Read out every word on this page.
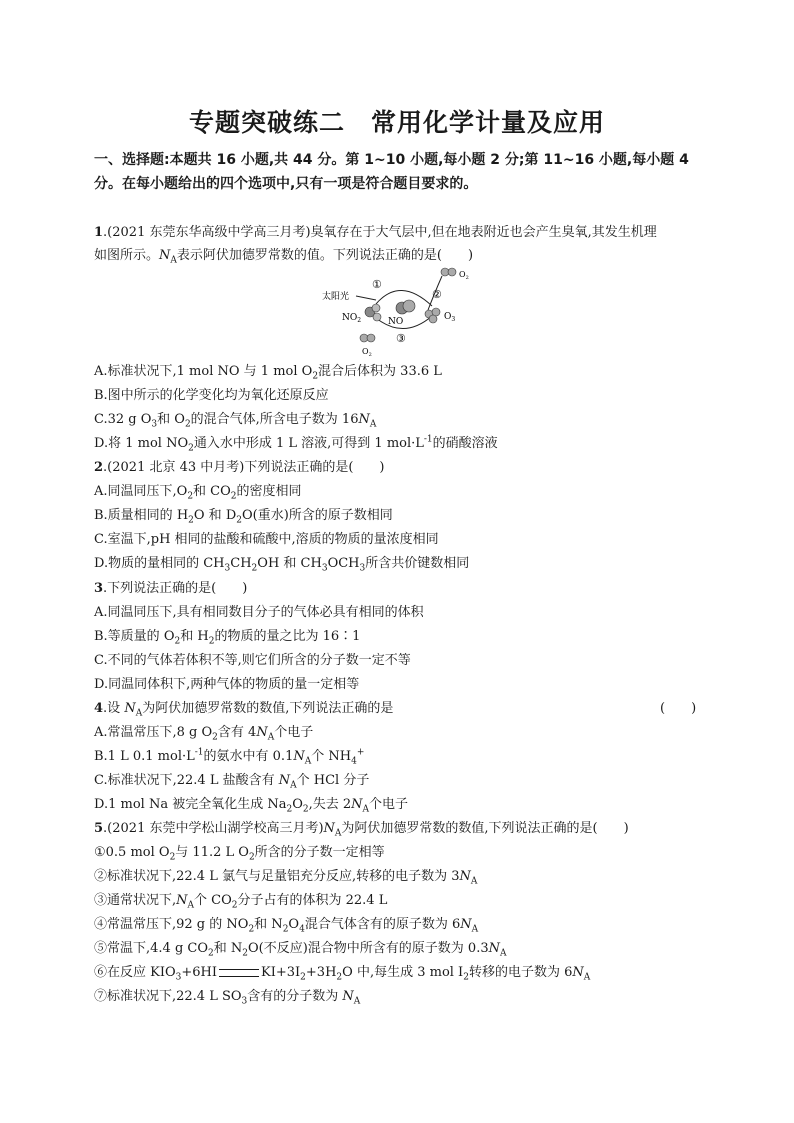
专题突破练二 常用化学计量及应用
一、选择题:本题共 16 小题,共 44 分。第 1~10 小题,每小题 2 分;第 11~16 小题,每小题 4 分。在每小题给出的四个选项中,只有一项是符合题目要求的。
1.(2021 东莞东华高级中学高三月考)臭氧存在于大气层中,但在地表附近也会产生臭氧,其发生机理
如图所示。$N_A$表示阿伏加德罗常数的值。下列说法正确的是(　　)
太阳光
①
②
③
$NO_2$	NO	$O_3$
$O_2$
$O_2$
A.标准状况下,1 mol NO 与 1 mol $O_2$混合后体积为 33.6 L
B.图中所示的化学变化均为氧化还原反应
C.32 g $O_3$和 $O_2$的混合气体,所含电子数为 $16N_A$
D.将 1 mol $NO_2$通入水中形成 1 L 溶液,可得到 1 $mol\cdot L^{-1}$的硝酸溶液
2.(2021 北京 43 中月考)下列说法正确的是(　　)
A.同温同压下$,O_2$和 $CO_2$的密度相同
B.质量相同的 $H_2O$ 和 $D_2O$(重水)所含的原子数相同
C.室温下,pH 相同的盐酸和硫酸中,溶质的物质的量浓度相同
D.物质的量相同的 $CH_3CH_2OH$ 和 $CH_3OCH_3$所含共价键数相同
3.下列说法正确的是(　　)
A.同温同压下,具有相同数目分子的气体必具有相同的体积
B.等质量的 $O_2$和 $H_2$的物质的量之比为 16∶1
C.不同的气体若体积不等,则它们所含的分子数一定不等
D.同温同体积下,两种气体的物质的量一定相等
4.设 $N_A$为阿伏加德罗常数的数值,下列说法正确的是	(　　)
A.常温常压下,8 g $O_2$含有 $4N_A$个电子
B.1 L 0.1 $mol\cdot L^{-1}$的氨水中有 $0.1N_A$个 $NH_4^+$
C.标准状况下,22.4 L 盐酸含有 $N_A$个 HCl 分子
D.1 mol Na 被完全氧化生成 $Na_2O_2$,失去 $2N_A$个电子
5.(2021 东莞中学松山湖学校高三月考)$N_A$为阿伏加德罗常数的数值,下列说法正确的是(　　)
①0.5 mol $O_2$与 11.2 L $O_2$所含的分子数一定相等
②标准状况下,22.4 L 氯气与足量铝充分反应,转移的电子数为 $3N_A$
③通常状况下$,N_A$个 $CO_2$分子占有的体积为 22.4 L
④常温常压下,92 g 的 $NO_2$和 $N_2O_4$混合气体含有的原子数为 $6N_A$
⑤常温下,4.4 g $CO_2$和 $N_2O$(不反应)混合物中所含有的原子数为 $0.3N_A$
⑥在反应 $KIO_3+6HI$	$KI+3I_2+3H_2O$ 中,每生成 3 mol $I_2$转移的电子数为 $6N_A$
⑦标准状况下,22.4 L $SO_3$含有的分子数为 $N_A$
